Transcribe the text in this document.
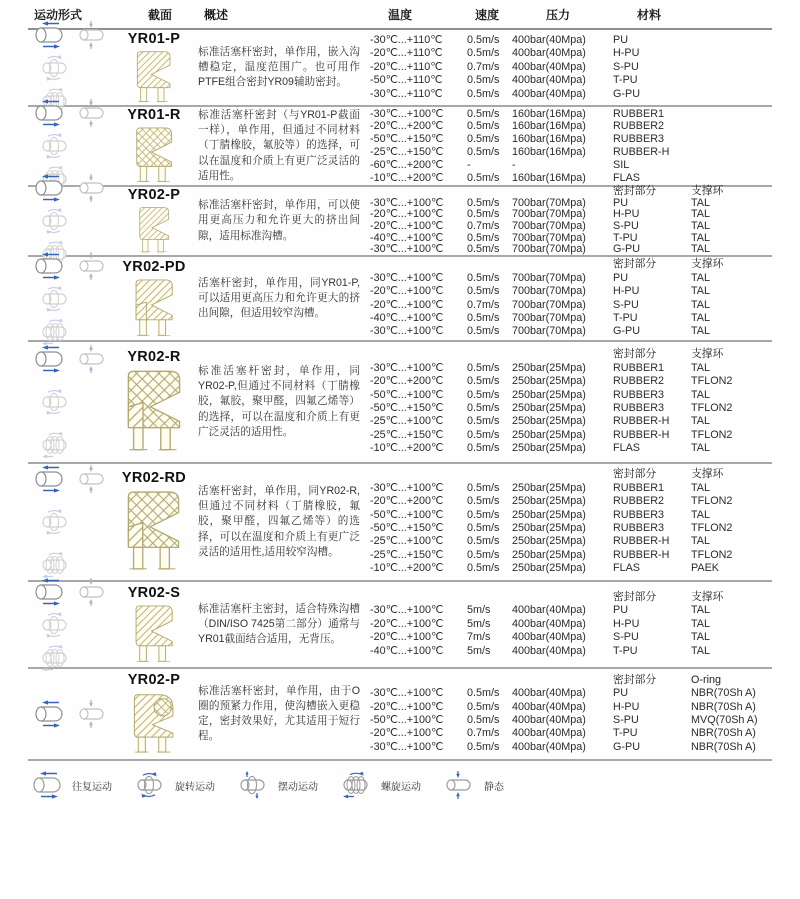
运动形式	截面	概述	温度	速度	压力	材料
YR01-P
标准活塞杆密封，单作用，嵌入沟槽稳定，温度范围广。也可用作PTFE组合密封YR09辅助密封。
-30℃...+110℃	0.5m/s	400bar(40Mpa)	PU
-20℃...+110℃	0.5m/s	400bar(40Mpa)	H-PU
-20℃...+110℃	0.7m/s	400bar(40Mpa)	S-PU
-50℃...+110℃	0.5m/s	400bar(40Mpa)	T-PU
-30℃...+110℃	0.5m/s	400bar(40Mpa)	G-PU
YR01-R 标准活塞杆密封（与YR01-P截面一样），单作用，但通过不同材料（丁腈橡胶，氟胶等）的选择，可以在温度和介质上有更广泛灵活的适用性。
-30℃...+100℃	0.5m/s	160bar(16Mpa)	RUBBER1
-20℃...+200℃	0.5m/s	160bar(16Mpa)	RUBBER2
-50℃...+150℃	0.5m/s	160bar(16Mpa)	RUBBER3
-25℃...+150℃	0.5m/s	160bar(16Mpa)	RUBBER-H
-60℃...+200℃	-	-	SIL
-10℃...+200℃	0.5m/s	160bar(16Mpa)	FLAS
YR02-P
标准活塞杆密封，单作用，可以使用更高压力和允许更大的挤出间隙，适用标准沟槽。
密封部分	支撑环
-30℃...+100℃	0.5m/s	700bar(70Mpa)	PU	TAL
-20℃...+100℃	0.5m/s	700bar(70Mpa)	H-PU	TAL
-20℃...+100℃	0.7m/s	700bar(70Mpa)	S-PU	TAL
-40℃...+100℃	0.5m/s	700bar(70Mpa)	T-PU	TAL
-30℃...+100℃	0.5m/s	700bar(70Mpa)	G-PU	TAL
YR02-PD
活塞杆密封，单作用，同YR01-P,可以适用更高压力和允许更大的挤出间隙，但适用较窄沟槽。
密封部分	支撑环
-30℃...+100℃	0.5m/s	700bar(70Mpa)	PU	TAL
-20℃...+100℃	0.5m/s	700bar(70Mpa)	H-PU	TAL
-20℃...+100℃	0.7m/s	700bar(70Mpa)	S-PU	TAL
-40℃...+100℃	0.5m/s	700bar(70Mpa)	T-PU	TAL
-30℃...+100℃	0.5m/s	700bar(70Mpa)	G-PU	TAL
YR02-R
标准活塞杆密封，单作用，同YR02-P,但通过不同材料（丁腈橡胶，氟胶，聚甲醛，四氟乙烯等）的选择，可以在温度和介质上有更广泛灵活的适用性。
密封部分	支撑环
-30℃...+100℃	0.5m/s	250bar(25Mpa)	RUBBER1	TAL
-20℃...+200℃	0.5m/s	250bar(25Mpa)	RUBBER2	TFLON2
-50℃...+100℃	0.5m/s	250bar(25Mpa)	RUBBER3	TAL
-50℃...+150℃	0.5m/s	250bar(25Mpa)	RUBBER3	TFLON2
-25℃...+100℃	0.5m/s	250bar(25Mpa)	RUBBER-H	TAL
-25℃...+150℃	0.5m/s	250bar(25Mpa)	RUBBER-H	TFLON2
-10℃...+200℃	0.5m/s	250bar(25Mpa)	FLAS	TAL
YR02-RD
活塞杆密封，单作用，同YR02-R,但通过不同材料（丁腈橡胶，氟胶，聚甲醛，四氟乙烯等）的选择，可以在温度和介质上有更广泛灵活的适用性,适用较窄沟槽。
密封部分	支撑环
-30℃...+100℃	0.5m/s	250bar(25Mpa)	RUBBER1	TAL
-20℃...+200℃	0.5m/s	250bar(25Mpa)	RUBBER2	TFLON2
-50℃...+100℃	0.5m/s	250bar(25Mpa)	RUBBER3	TAL
-50℃...+150℃	0.5m/s	250bar(25Mpa)	RUBBER3	TFLON2
-25℃...+100℃	0.5m/s	250bar(25Mpa)	RUBBER-H	TAL
-25℃...+150℃	0.5m/s	250bar(25Mpa)	RUBBER-H	TFLON2
-10℃...+200℃	0.5m/s	250bar(25Mpa)	FLAS	PAEK
YR02-S
标准活塞杆主密封，适合特殊沟槽（DIN/ISO 7425第二部分）通常与YR01截面结合适用，无背压。
密封部分	支撑环
-30℃...+100℃	5m/s	400bar(40Mpa)	PU	TAL
-20℃...+100℃	5m/s	400bar(40Mpa)	H-PU	TAL
-20℃...+100℃	7m/s	400bar(40Mpa)	S-PU	TAL
-40℃...+100℃	5m/s	400bar(40Mpa)	T-PU	TAL
YR02-P
标准活塞杆密封，单作用，由于O圈的预紧力作用，使沟槽嵌入更稳定，密封效果好，尤其适用于短行程。
密封部分	O-ring
-30℃...+100℃	0.5m/s	400bar(40Mpa)	PU	NBR(70Sh A)
-20℃...+100℃	0.5m/s	400bar(40Mpa)	H-PU	NBR(70Sh A)
-50℃...+100℃	0.5m/s	400bar(40Mpa)	S-PU	MVQ(70Sh A)
-20℃...+100℃	0.7m/s	400bar(40Mpa)	T-PU	NBR(70Sh A)
-30℃...+100℃	0.5m/s	400bar(40Mpa)	G-PU	NBR(70Sh A)
往复运动	旋转运动	摆动运动	螺旋运动	静态
